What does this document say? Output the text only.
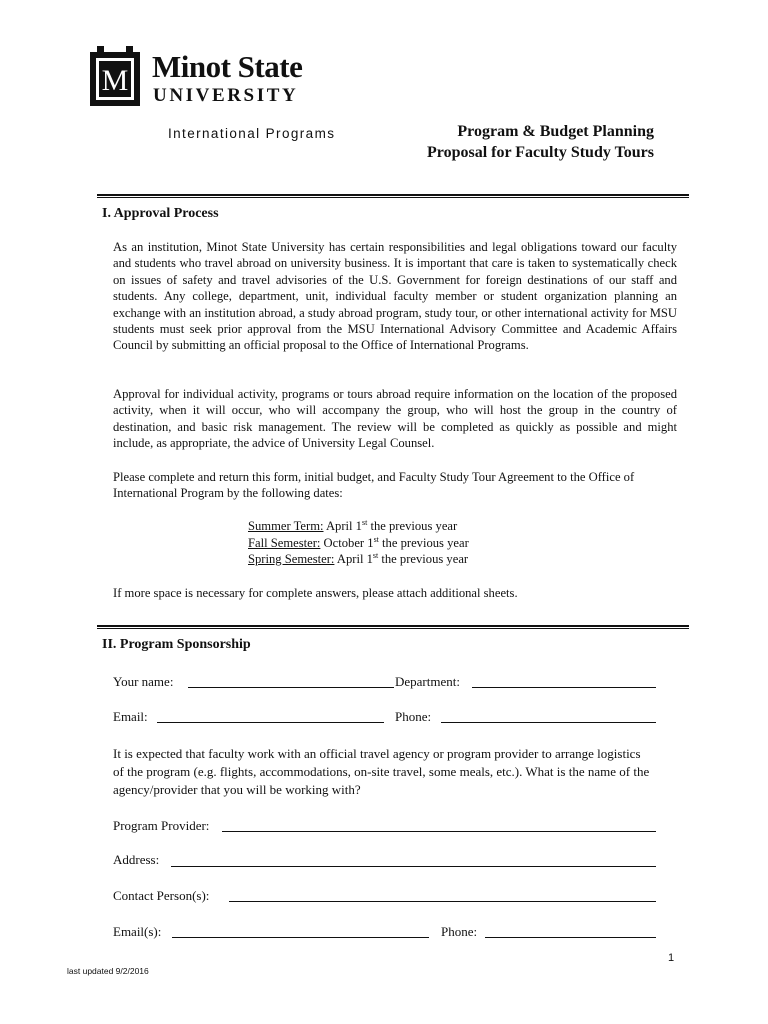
M Minot State
UNIVERSITY
International Programs	Program & Budget Planning
Proposal for Faculty Study Tours
I. Approval Process
As an institution, Minot State University has certain responsibilities and legal obligations toward our faculty and students who travel abroad on university business. It is important that care is taken to systematically check on issues of safety and travel advisories of the U.S. Government for foreign destinations of our staff and students. Any college, department, unit, individual faculty member or student organization planning an exchange with an institution abroad, a study abroad program, study tour, or other international activity for MSU students must seek prior approval from the MSU International Advisory Committee and Academic Affairs Council by submitting an official proposal to the Office of International Programs.
Approval for individual activity, programs or tours abroad require information on the location of the proposed activity, when it will occur, who will accompany the group, who will host the group in the country of destination, and basic risk management. The review will be completed as quickly as possible and might include, as appropriate, the advice of University Legal Counsel.
Please complete and return this form, initial budget, and Faculty Study Tour Agreement to the Office of International Program by the following dates:
Summer Term: April 1st the previous year
Fall Semester: October 1st the previous year
Spring Semester: April 1st the previous year
If more space is necessary for complete answers, please attach additional sheets.
II. Program Sponsorship
Your name:	Department:
Email:	Phone:
It is expected that faculty work with an official travel agency or program provider to arrange logistics of the program (e.g. flights, accommodations, on-site travel, some meals, etc.). What is the name of the agency/provider that you will be working with?
Program Provider:
Address:
Contact Person(s):
Email(s):	Phone:
1
last updated 9/2/2016
